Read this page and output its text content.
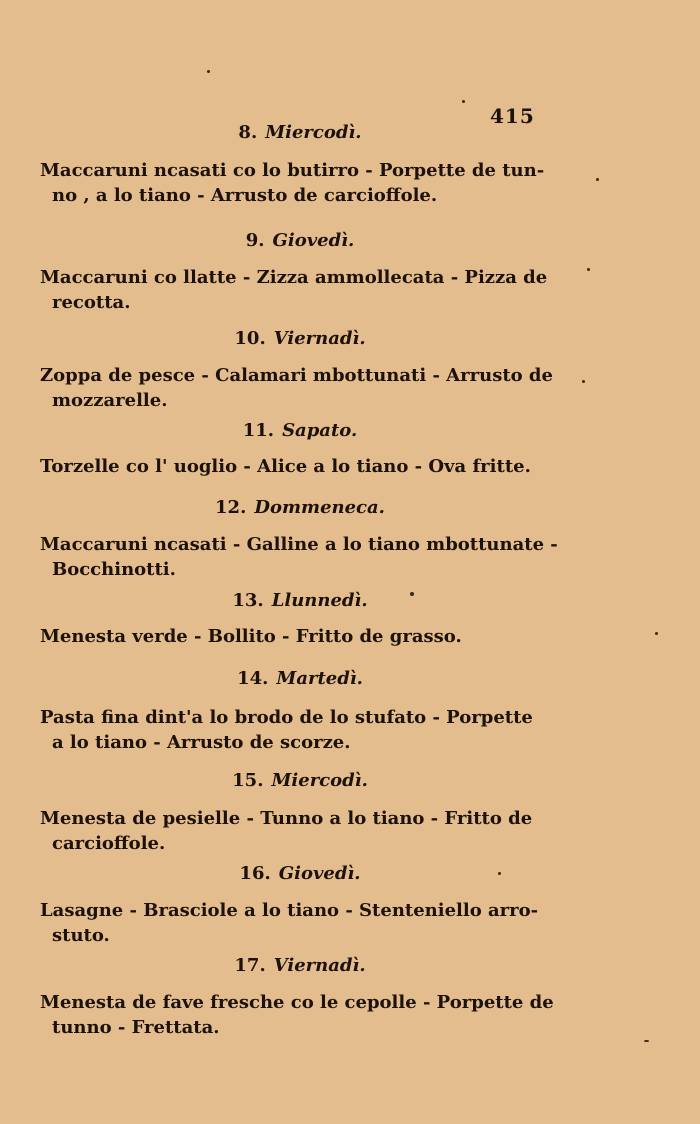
415
8. Miercodì.
Maccaruni ncasati co lo butirro - Porpette de tun-
no , a lo tiano - Arrusto de carcioffole.
9. Giovedì.
Maccaruni co llatte - Zizza ammollecata - Pizza de
recotta.
10. Viernadì.
Zoppa de pesce - Calamari mbottunati - Arrusto de
mozzarelle.
11. Sapato.
Torzelle co l' uoglio - Alice a lo tiano - Ova fritte.
12. Dommeneca.
Maccaruni ncasati - Galline a lo tiano mbottunate -
Bocchinotti.
13. Llunnedì.
Menesta verde - Bollito - Fritto de grasso.
14. Martedì.
Pasta fina dint'a lo brodo de lo stufato - Porpette
a lo tiano - Arrusto de scorze.
15. Miercodì.
Menesta de pesielle - Tunno a lo tiano - Fritto de
carcioffole.
16. Giovedì.
Lasagne - Brasciole a lo tiano - Stenteniello arro-
stuto.
17. Viernadì.
Menesta de fave fresche co le cepolle - Porpette de
tunno - Frettata.
